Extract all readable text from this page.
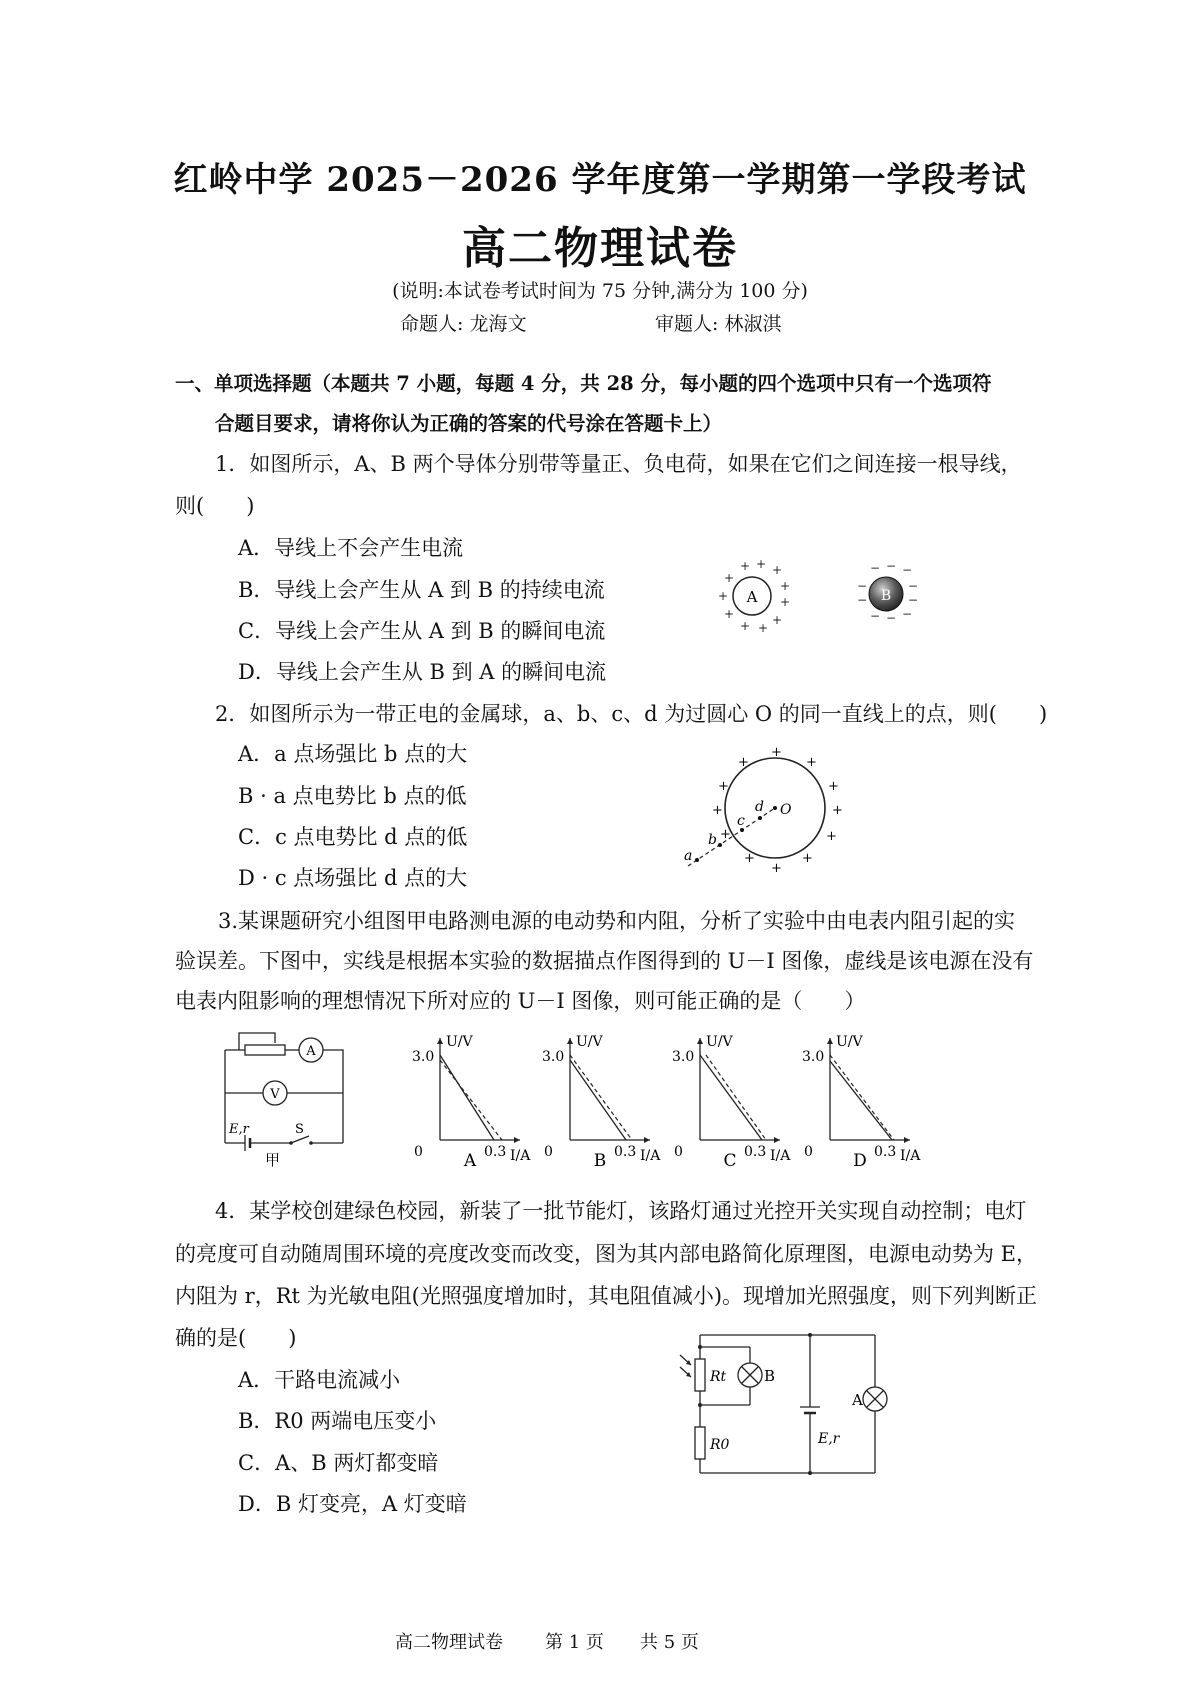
红岭中学 2025－2026 学年度第一学期第一学段考试
高二物理试卷
(说明:本试卷考试时间为 75 分钟,满分为 100 分)
命题人: 龙海文	审题人: 林淑淇
一、单项选择题（本题共 7 小题，每题 4 分，共 28 分，每小题的四个选项中只有一个选项符
合题目要求，请将你认为正确的答案的代号涂在答题卡上）
1．如图所示，A、B 两个导体分别带等量正、负电荷，如果在它们之间连接一根导线，
则(　　)
A．导线上不会产生电流
B．导线上会产生从 A 到 B 的持续电流
C．导线上会产生从 A 到 B 的瞬间电流
D．导线上会产生从 B 到 A 的瞬间电流
A
+ + +
+
+
+
+
+
+ +
+
B
− − −
−	−
−	−
− − −
2．如图所示为一带正电的金属球，a、b、c、d 为过圆心 O 的同一直线上的点，则(　　)
A．a 点场强比 b 点的大
B · a 点电势比 b 点的低
C．c 点电势比 d 点的低
D · c 点场强比 d 点的大
a
b
c
d O
+
+	+
+	+
+	+
+	+
+	+
+
3.某课题研究小组图甲电路测电源的电动势和内阻，分析了实验中由电表内阻引起的实
验误差。下图中，实线是根据本实验的数据描点作图得到的 U－I 图像，虚线是该电源在没有
电表内阻影响的理想情况下所对应的 U－I 图像，则可能正确的是（　　）
A
V
E,r	S
甲
U/V
3.0
0	0.3 I/A
A
U/V
3.0
0	0.3 I/A
B
U/V
3.0
0	0.3 I/A
C
U/V
3.0
0	0.3 I/A
D
4．某学校创建绿色校园，新装了一批节能灯，该路灯通过光控开关实现自动控制；电灯
的亮度可自动随周围环境的亮度改变而改变，图为其内部电路简化原理图，电源电动势为 E，
内阻为 r，Rt 为光敏电阻(光照强度增加时，其电阻值减小)。现增加光照强度，则下列判断正
确的是(　　)
A．干路电流减小
B．R0 两端电压变小
C．A、B 两灯都变暗
D．B 灯变亮，A 灯变暗
Rt
R0
B
A
E,r
高二物理试卷 第 1 页 共 5 页
